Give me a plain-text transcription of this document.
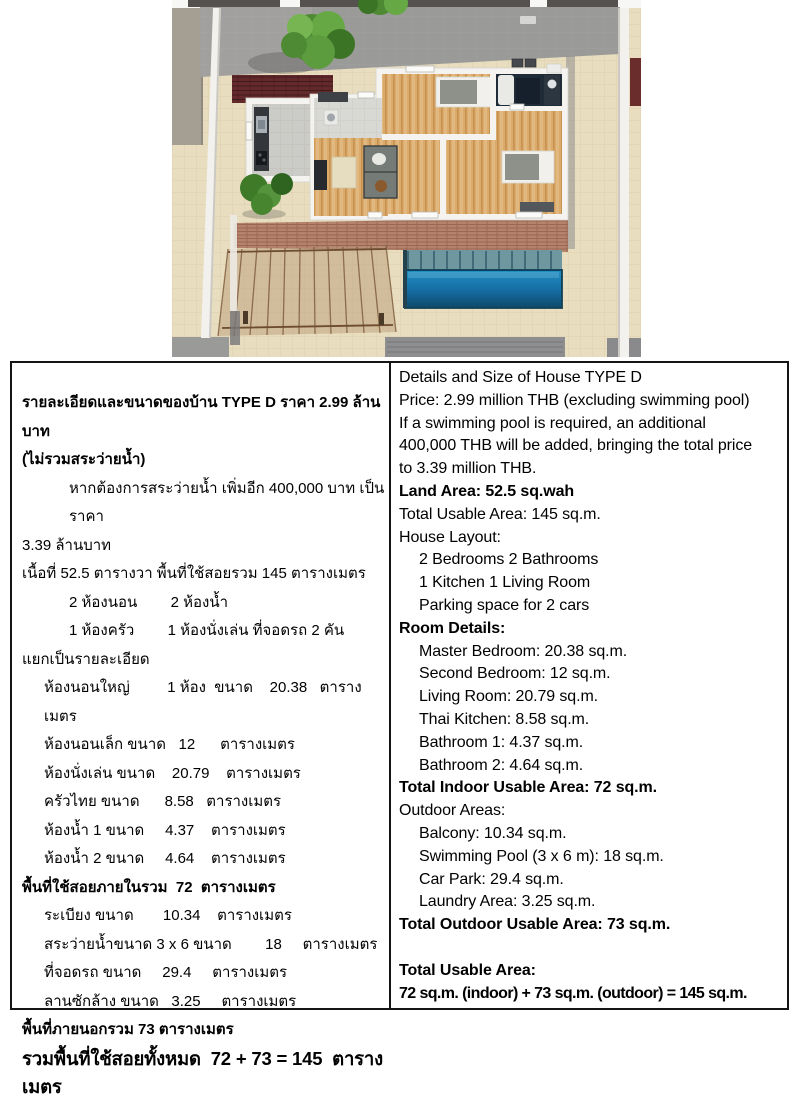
รายละเอียดและขนาดของบ้าน TYPE D ราคา 2.99 ล้านบาท

(ไม่รวมสระว่ายน้ำ)

หากต้องการสระว่ายน้ำ เพิ่มอีก 400,000 บาท เป็นราคา

3.39 ล้านบาท

เนื้อที่ 52.5 ตารางวา พื้นที่ใช้สอยรวม 145 ตารางเมตร

2 ห้องนอน        2 ห้องน้ำ

1 ห้องครัว        1 ห้องนั่งเล่น ที่จอดรถ 2 คัน

แยกเป็นรายละเอียด

ห้องนอนใหญ่         1 ห้อง  ขนาด    20.38   ตารางเมตร

ห้องนอนเล็ก ขนาด   12      ตารางเมตร

ห้องนั่งเล่น ขนาด    20.79    ตารางเมตร

ครัวไทย ขนาด      8.58   ตารางเมตร

ห้องน้ำ 1 ขนาด     4.37    ตารางเมตร

ห้องน้ำ 2 ขนาด     4.64    ตารางเมตร

พื้นที่ใช้สอยภายในรวม  72  ตารางเมตร

ระเบียง ขนาด       10.34    ตารางเมตร

สระว่ายน้ำขนาด 3 x 6 ขนาด        18     ตารางเมตร

ที่จอดรถ ขนาด     29.4     ตารางเมตร

ลานซักล้าง ขนาด   3.25     ตารางเมตร

พื้นที่ภายนอกรวม 73 ตารางเมตร

รวมพื้นที่ใช้สอยทั้งหมด  72 + 73 = 145  ตารางเมตร

Details and Size of House TYPE D

Price: 2.99 million THB (excluding swimming pool)

If a swimming pool is required, an additional

400,000 THB will be added, bringing the total price

to 3.39 million THB.

Land Area: 52.5 sq.wah

Total Usable Area: 145 sq.m.

House Layout:

2 Bedrooms 2 Bathrooms

1 Kitchen 1 Living Room

Parking space for 2 cars

Room Details:

Master Bedroom: 20.38 sq.m.

Second Bedroom: 12 sq.m.

Living Room: 20.79 sq.m.

Thai Kitchen: 8.58 sq.m.

Bathroom 1: 4.37 sq.m.

Bathroom 2: 4.64 sq.m.

Total Indoor Usable Area: 72 sq.m.

Outdoor Areas:

Balcony: 10.34 sq.m.

Swimming Pool (3 x 6 m): 18 sq.m.

Car Park: 29.4 sq.m.

Laundry Area: 3.25 sq.m.

Total Outdoor Usable Area: 73 sq.m.

Total Usable Area:

72 sq.m. (indoor) + 73 sq.m. (outdoor) = 145 sq.m.
